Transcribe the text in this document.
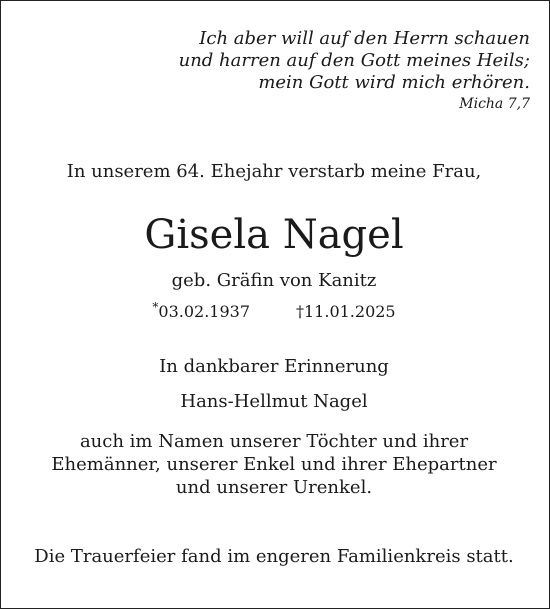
Ich aber will auf den Herrn schauen
und harren auf den Gott meines Heils;
mein Gott wird mich erhören.
Micha 7,7
In unserem 64. Ehejahr verstarb meine Frau,
Gisela Nagel
geb. Gräfin von Kanitz
*03.02.1937	†11.01.2025
In dankbarer Erinnerung
Hans-Hellmut Nagel
auch im Namen unserer Töchter und ihrer
Ehemänner, unserer Enkel und ihrer Ehepartner
und unserer Urenkel.
Die Trauerfeier fand im engeren Familienkreis statt.
